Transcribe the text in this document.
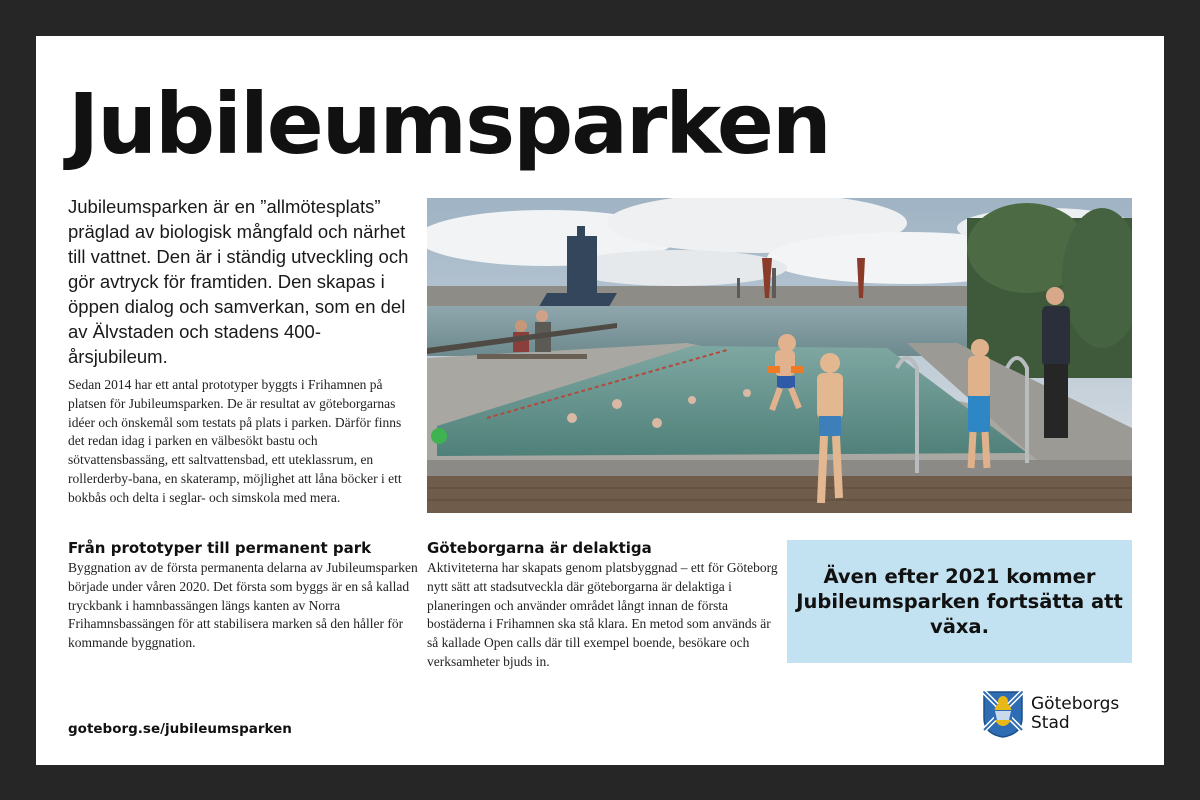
Jubileumsparken

Jubileumsparken är en ”allmötesplats” präglad av biologisk mångfald och närhet till vattnet. Den är i ständig utveckling och gör avtryck för framtiden. Den skapas i öppen dialog och samverkan, som en del av Älvstaden och stadens 400-årsjubileum.

Sedan 2014 har ett antal prototyper byggts i Frihamnen på platsen för Jubileumsparken. De är resultat av göteborgarnas idéer och önskemål som testats på plats i parken. Därför finns det redan idag i parken en välbesökt bastu och sötvattensbassäng, ett saltvattensbad, ett uteklassrum, en rollerderby-bana, en skateramp, möjlighet att låna böcker i ett bokbås och delta i seglar- och simskola med mera.

Från prototyper till permanent park

Byggnation av de första permanenta delarna av Jubileumsparken började under våren 2020. Det första som byggs är en så kallad tryckbank i hamnbassängen längs kanten av Norra Frihamnsbassängen för att stabilisera marken så den håller för kommande byggnation.

Göteborgarna är delaktiga

Aktiviteterna har skapats genom platsbyggnad – ett för Göteborg nytt sätt att stadsutveckla där göteborgarna är delaktiga i planeringen och använder området långt innan de första bostäderna i Frihamnen ska stå klara. En metod som används är så kallade Open calls där till exempel boende, besökare och verksamheter bjuds in.

Även efter 2021 kommer Jubileumsparken fortsätta att växa.

goteborg.se/jubileumsparken
Göteborgs
Stad
